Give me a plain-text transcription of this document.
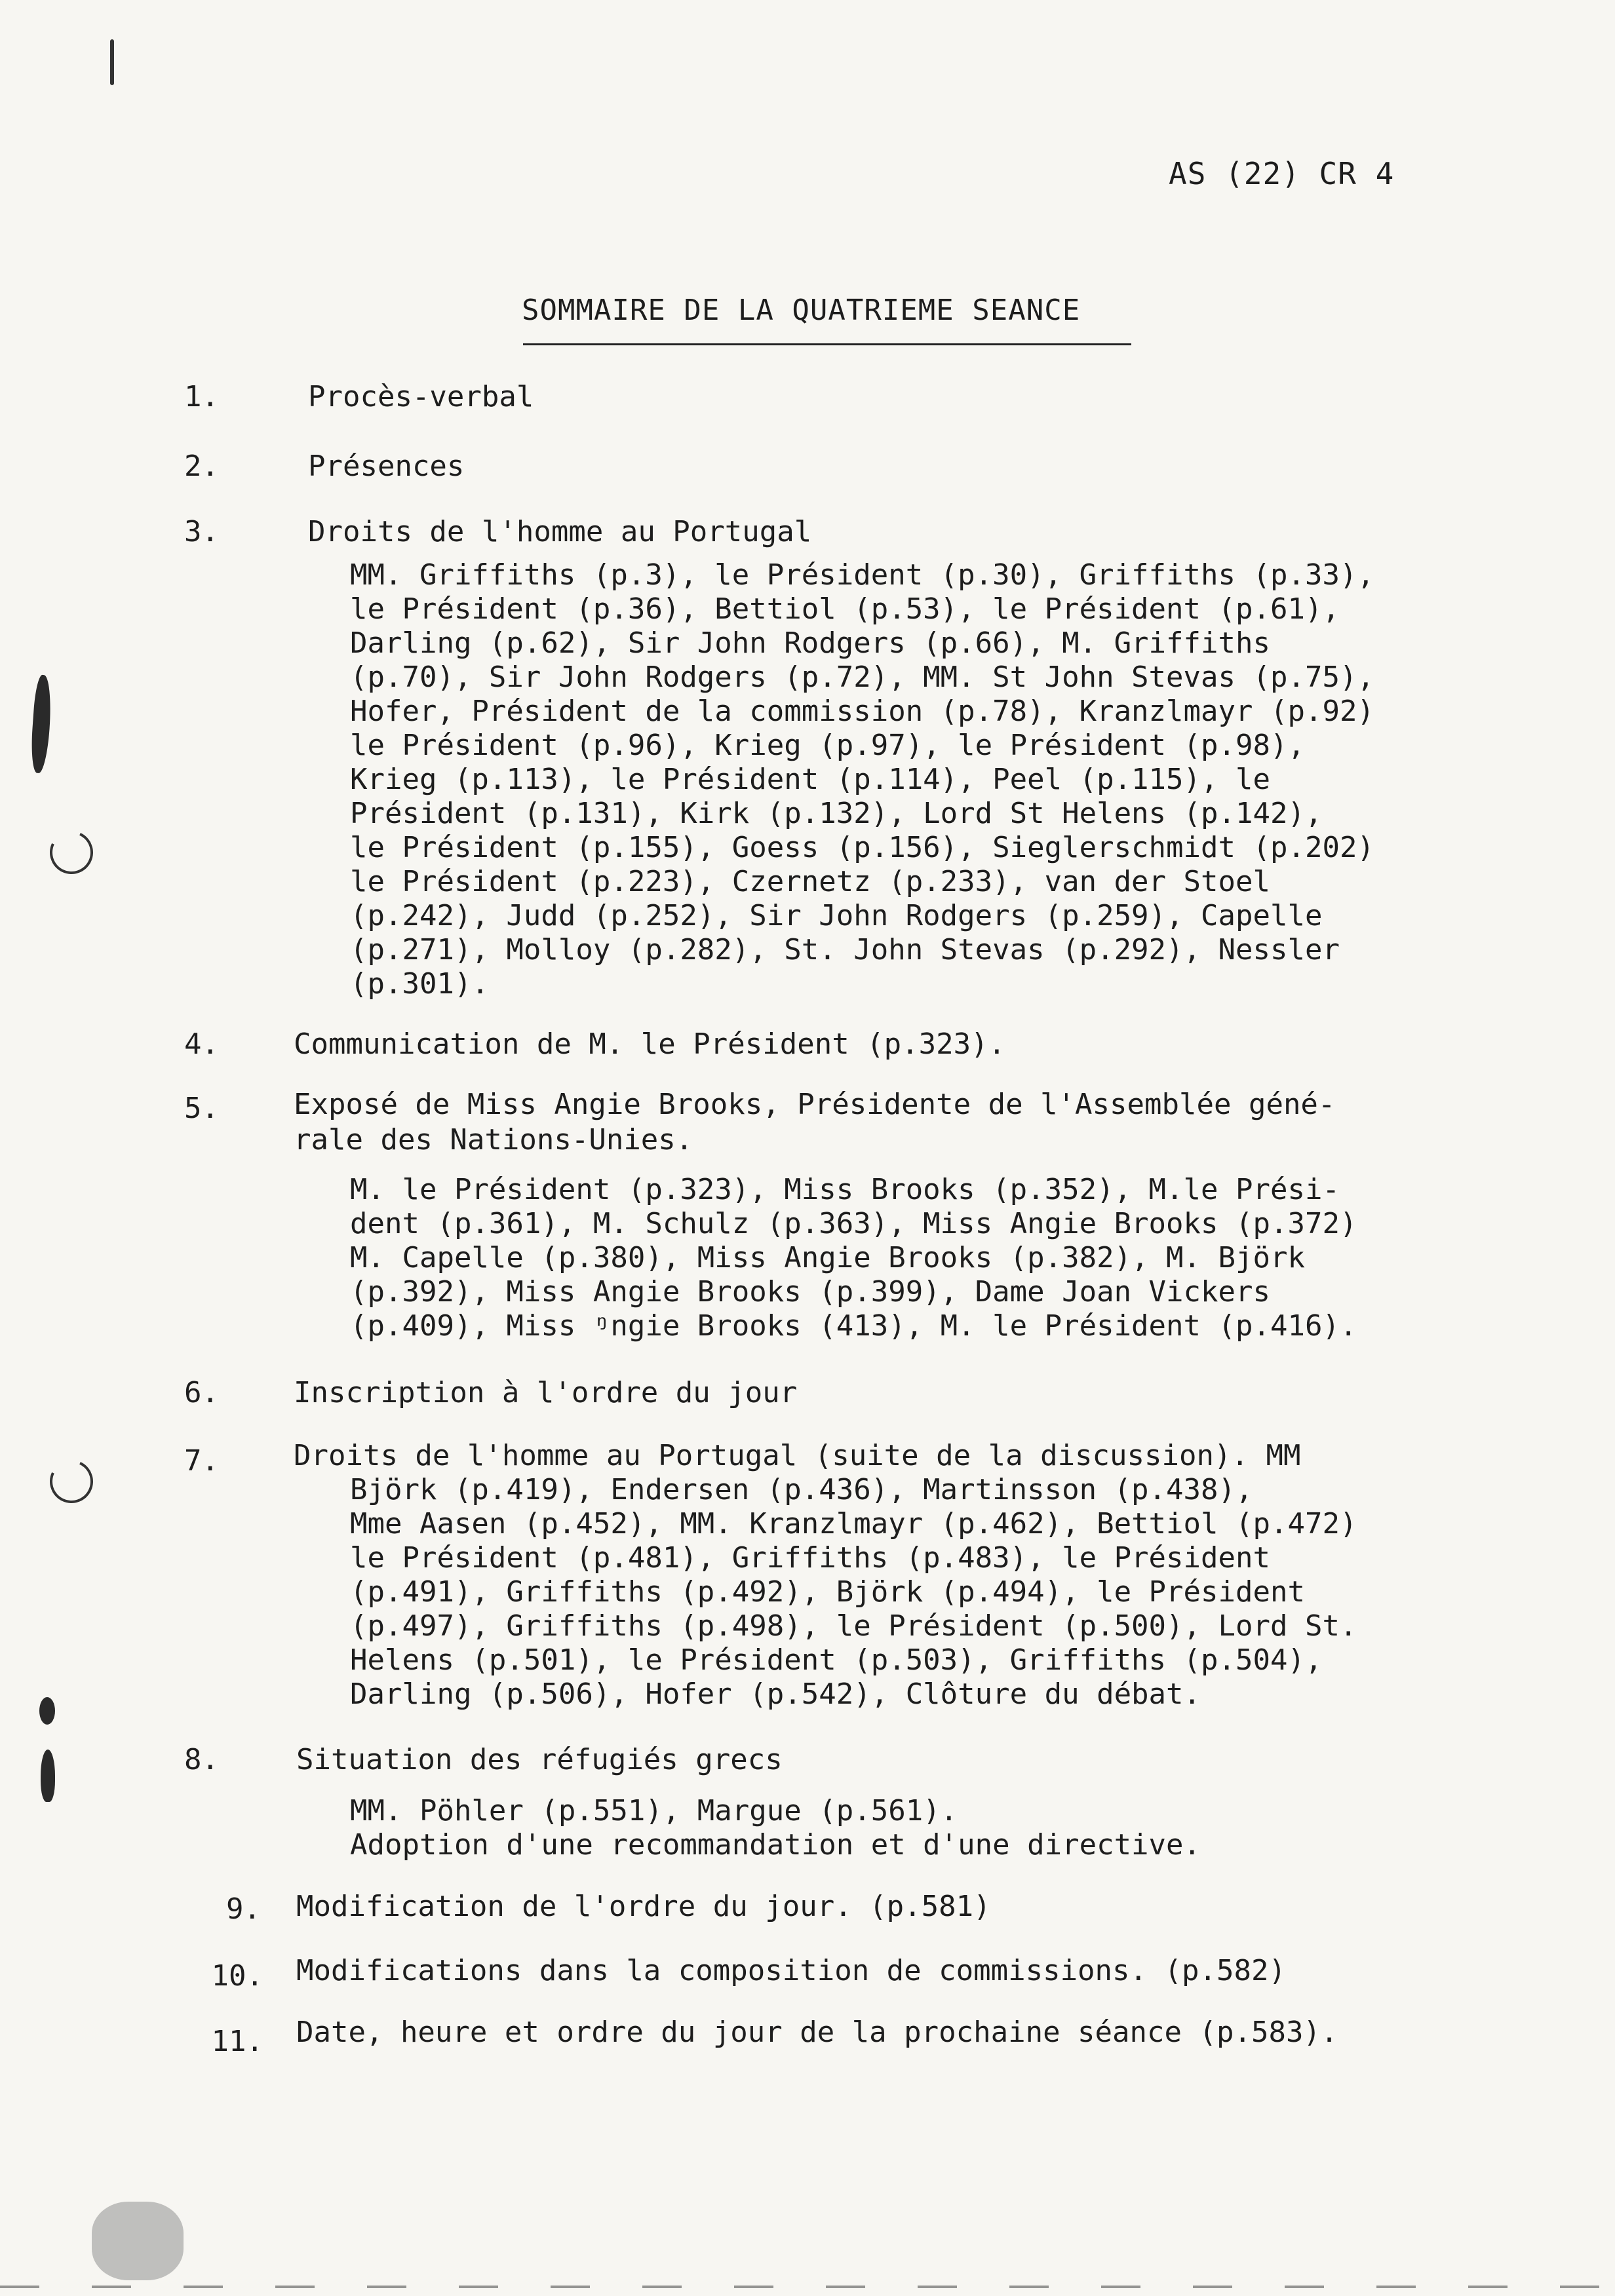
AS (22) CR 4
SOMMAIRE DE LA QUATRIEME SEANCE
1.	Procès-verbal
2.	Présences
3.	Droits de l'homme au Portugal
MM. Griffiths (p.3), le Président (p.30), Griffiths (p.33),
le Président (p.36), Bettiol (p.53), le Président (p.61),
Darling (p.62), Sir John Rodgers (p.66), M. Griffiths
(p.70), Sir John Rodgers (p.72), MM. St John Stevas (p.75),
Hofer, Président de la commission (p.78), Kranzlmayr (p.92)
le Président (p.96), Krieg (p.97), le Président (p.98),
Krieg (p.113), le Président (p.114), Peel (p.115), le
Président (p.131), Kirk (p.132), Lord St Helens (p.142),
le Président (p.155), Goess (p.156), Sieglerschmidt (p.202)
le Président (p.223), Czernetz (p.233), van der Stoel
(p.242), Judd (p.252), Sir John Rodgers (p.259), Capelle
(p.271), Molloy (p.282), St. John Stevas (p.292), Nessler
(p.301).
4.	Communication de M. le Président (p.323).
5.	Exposé de Miss Angie Brooks, Présidente de l'Assemblée géné-
rale des Nations-Unies.
M. le Président (p.323), Miss Brooks (p.352), M.le Prési-
dent (p.361), M. Schulz (p.363), Miss Angie Brooks (p.372)
M. Capelle (p.380), Miss Angie Brooks (p.382), M. Björk
(p.392), Miss Angie Brooks (p.399), Dame Joan Vickers
(p.409), Miss ᵑngie Brooks (413), M. le Président (p.416).
6.	Inscription à l'ordre du jour
7.	Droits de l'homme au Portugal (suite de la discussion). MM
Björk (p.419), Endersen (p.436), Martinsson (p.438),
Mme Aasen (p.452), MM. Kranzlmayr (p.462), Bettiol (p.472)
le Président (p.481), Griffiths (p.483), le Président
(p.491), Griffiths (p.492), Björk (p.494), le Président
(p.497), Griffiths (p.498), le Président (p.500), Lord St.
Helens (p.501), le Président (p.503), Griffiths (p.504),
Darling (p.506), Hofer (p.542), Clôture du débat.
8.	Situation des réfugiés grecs
MM. Pöhler (p.551), Margue (p.561).
Adoption d'une recommandation et d'une directive.
9. Modification de l'ordre du jour. (p.581)
10. Modifications dans la composition de commissions. (p.582)
11. Date, heure et ordre du jour de la prochaine séance (p.583).
